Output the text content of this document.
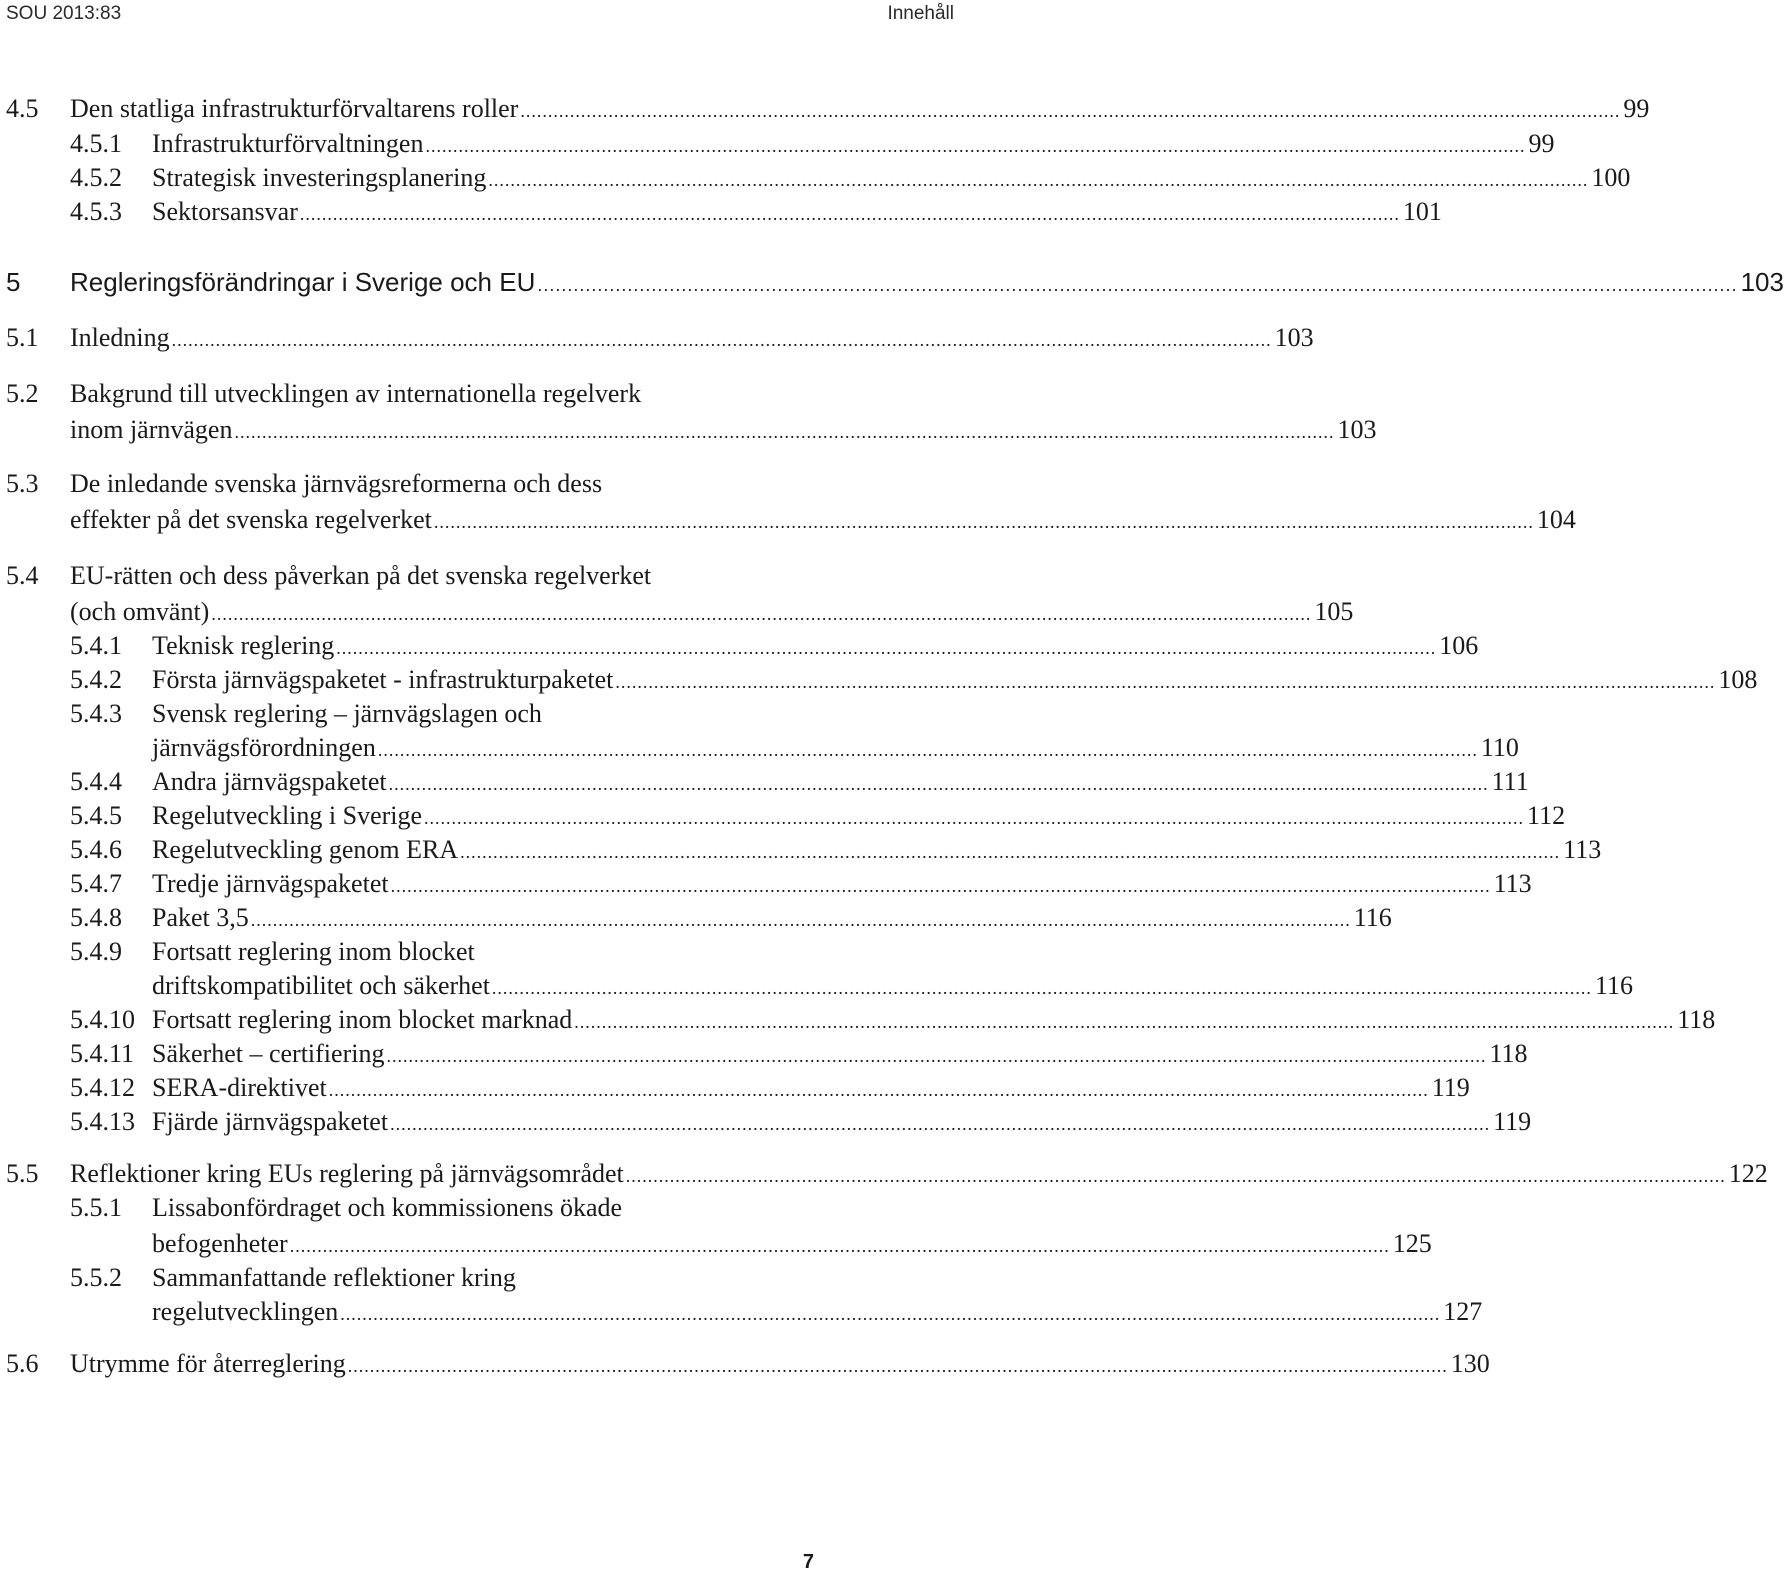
SOU 2013:83	Innehåll
4.5 Den statliga infrastrukturförvaltarens roller ........................................................................................................................................................................................................ 99
4.5.1 Infrastrukturförvaltningen ........................................................................................................................................................................................................ 99
4.5.2 Strategisk investeringsplanering ........................................................................................................................................................................................................ 100
4.5.3 Sektorsansvar ........................................................................................................................................................................................................ 101
5 Regleringsförändringar i Sverige och EU ........................................................................................................................................................................................................ 103
5.1 Inledning ........................................................................................................................................................................................................ 103
5.2 Bakgrund till utvecklingen av internationella regelverk
inom järnvägen ........................................................................................................................................................................................................ 103
5.3 De inledande svenska järnvägsreformerna och dess
effekter på det svenska regelverket ........................................................................................................................................................................................................ 104
5.4 EU-rätten och dess påverkan på det svenska regelverket
(och omvänt) ........................................................................................................................................................................................................ 105
5.4.1 Teknisk reglering ........................................................................................................................................................................................................ 106
5.4.2 Första järnvägspaketet - infrastrukturpaketet ........................................................................................................................................................................................................ 108
5.4.3 Svensk reglering – järnvägslagen och
järnvägsförordningen ........................................................................................................................................................................................................ 110
5.4.4 Andra järnvägspaketet ........................................................................................................................................................................................................ 111
5.4.5 Regelutveckling i Sverige ........................................................................................................................................................................................................ 112
5.4.6 Regelutveckling genom ERA ........................................................................................................................................................................................................ 113
5.4.7 Tredje järnvägspaketet ........................................................................................................................................................................................................ 113
5.4.8 Paket 3,5 ........................................................................................................................................................................................................ 116
5.4.9 Fortsatt reglering inom blocket
driftskompatibilitet och säkerhet ........................................................................................................................................................................................................ 116
5.4.10 Fortsatt reglering inom blocket marknad ........................................................................................................................................................................................................ 118
5.4.11 Säkerhet – certifiering ........................................................................................................................................................................................................ 118
5.4.12 SERA-direktivet ........................................................................................................................................................................................................ 119
5.4.13 Fjärde järnvägspaketet ........................................................................................................................................................................................................ 119
5.5 Reflektioner kring EUs reglering på järnvägsområdet ........................................................................................................................................................................................................ 122
5.5.1 Lissabonfördraget och kommissionens ökade
befogenheter ........................................................................................................................................................................................................ 125
5.5.2 Sammanfattande reflektioner kring
regelutvecklingen ........................................................................................................................................................................................................ 127
5.6 Utrymme för återreglering ........................................................................................................................................................................................................ 130
7
